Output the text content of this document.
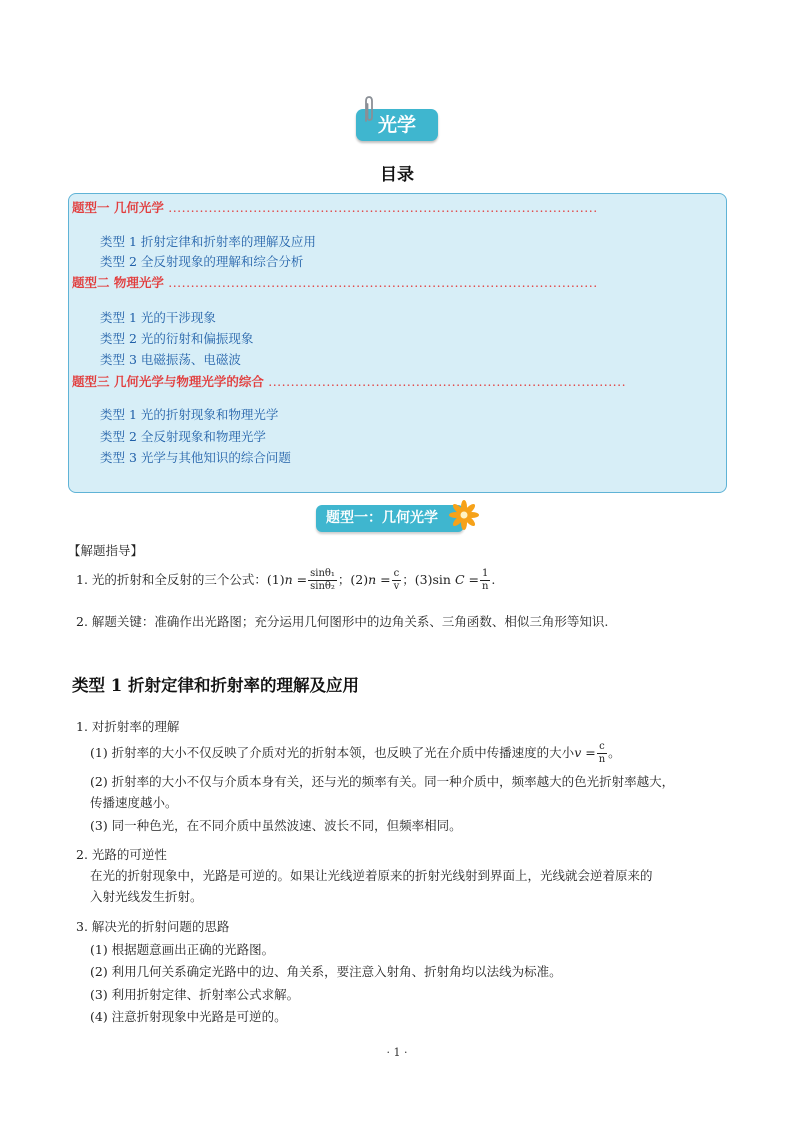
光学
目录
题型一 几何光学 ................................................................................................
类型 1 折射定律和折射率的理解及应用
类型 2 全反射现象的理解和综合分析
题型二 物理光学 ................................................................................................
类型 1 光的干涉现象
类型 2 光的衍射和偏振现象
类型 3 电磁振荡、电磁波
题型三 几何光学与物理光学的综合 ................................................................................
类型 1 光的折射现象和物理光学
类型 2 全反射现象和物理光学
类型 3 光学与其他知识的综合问题
题型一：几何光学
【解题指导】
1. 光的折射和全反射的三个公式：$(1)n = \frac{\text{sinθ₁}}{\text{sinθ₂}}$ ；$(2)n = \frac{c}{v}$ ；(3)sin $C = \frac{1}{n}$ .
2. 解题关键：准确作出光路图；充分运用几何图形中的边角关系、三角函数、相似三角形等知识.
类型 1 折射定律和折射率的理解及应用
1. 对折射率的理解
(1) 折射率的大小不仅反映了介质对光的折射本领，也反映了光在介质中传播速度的大小$v = \frac{c}{n}$ 。
(2) 折射率的大小不仅与介质本身有关，还与光的频率有关。同一种介质中，频率越大的色光折射率越大，
传播速度越小。
(3) 同一种色光，在不同介质中虽然波速、波长不同，但频率相同。
2. 光路的可逆性
在光的折射现象中，光路是可逆的。如果让光线逆着原来的折射光线射到界面上，光线就会逆着原来的
入射光线发生折射。
3. 解决光的折射问题的思路
(1) 根据题意画出正确的光路图。
(2) 利用几何关系确定光路中的边、角关系，要注意入射角、折射角均以法线为标准。
(3) 利用折射定律、折射率公式求解。
(4) 注意折射现象中光路是可逆的。
· 1 ·
